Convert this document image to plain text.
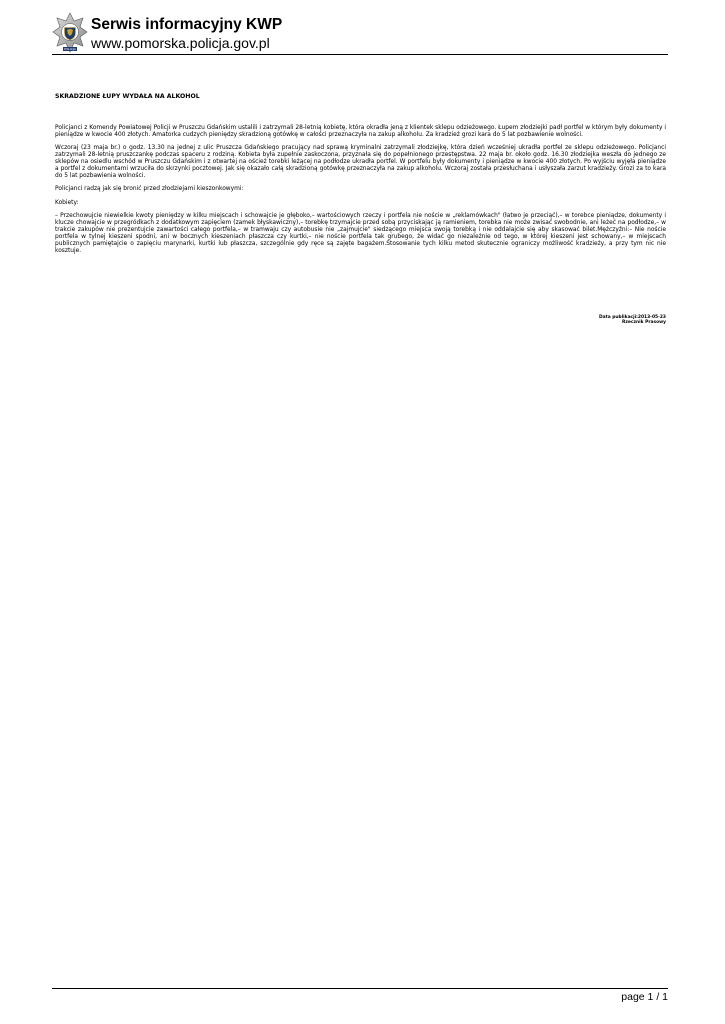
POLICJA
Serwis informacyjny KWP
www.pomorska.policja.gov.pl
SKRADZIONE ŁUPY WYDAŁA NA ALKOHOL

Policjanci z Komendy Powiatowej Policji w Pruszczu Gdańskim ustalili i zatrzymali 28-letnią kobietę, która okradła jeną z klientek sklepu odzieżowego. Łupem złodziejki padł portfel w którym były dokumenty i pieniądze w kwocie 400 złotych. Amatorka cudzych pieniędzy skradzioną gotówkę w całości przeznaczyła na zakup alkoholu. Za kradzież grozi kara do 5 lat pozbawienie wolności.

Wczoraj (23 maja br.) o godz. 13.30 na jednej z ulic Pruszcza Gdańskiego pracujący nad sprawą kryminalni zatrzymali złodziejkę, która dzień wcześniej ukradła portfel ze sklepu odzieżowego. Policjanci zatrzymali 28-letnią pruszczankę podczas spaceru z rodziną. Kobieta była zupełnie zaskoczona, przyznała się do popełnionego przestępstwa. 22 maja br. około godz. 16.30 złodziejka weszła do jednego ze sklepów na osiedlu wschód w Pruszczu Gdańskim i z otwartej na oścież torebki leżącej na podłodze ukradła portfel. W portfelu były dokumenty i pieniądze w kwocie 400 złotych. Po wyjściu wyjęła pieniądze a portfel z dokumentami wrzuciła do skrzynki pocztowej. Jak się okazało całą skradzioną gotówkę przeznaczyła na zakup alkoholu. Wczoraj została przesłuchana i usłyszała zarzut kradzieży. Grozi za to kara do 5 lat pozbawienia wolności.

Policjanci radzą jak się bronić przed złodziejami kieszonkowymi:

Kobiety:

– Przechowujcie niewielkie kwoty pieniędzy w kilku miejscach i schowajcie je głęboko,– wartościowych rzeczy i portfela nie noście w „reklamówkach" (łatwo je przeciąć),– w torebce pieniądze, dokumenty i klucze chowajcie w przegródkach z dodatkowym zapięciem (zamek błyskawiczny),– torebkę trzymajcie przed sobą przyciskając ją ramieniem, torebka nie może zwisać swobodnie, ani leżeć na podłodze,– w trakcie zakupów nie prezentujcie zawartości całego portfela,– w tramwaju czy autobusie nie „zajmujcie" siedzącego miejsca swoją torebką i nie oddalajcie się aby skasować bilet.Mężczyźni:– Nie noście portfela w tylnej kieszeni spodni, ani w bocznych kieszeniach płaszcza czy kurtki,– nie noście portfela tak grubego, że widać go niezależnie od tego, w której kieszeni jest schowany,– w miejscach publicznych pamiętajcie o zapięciu marynarki, kurtki lub płaszcza, szczególnie gdy ręce są zajęte bagażem.Stosowanie tych kilku metod skutecznie ograniczy możliwość kradzieży, a przy tym nic nie kosztuje.

Data publikacji:2013-05-23
Rzecznik Prasowy
page 1 / 1
